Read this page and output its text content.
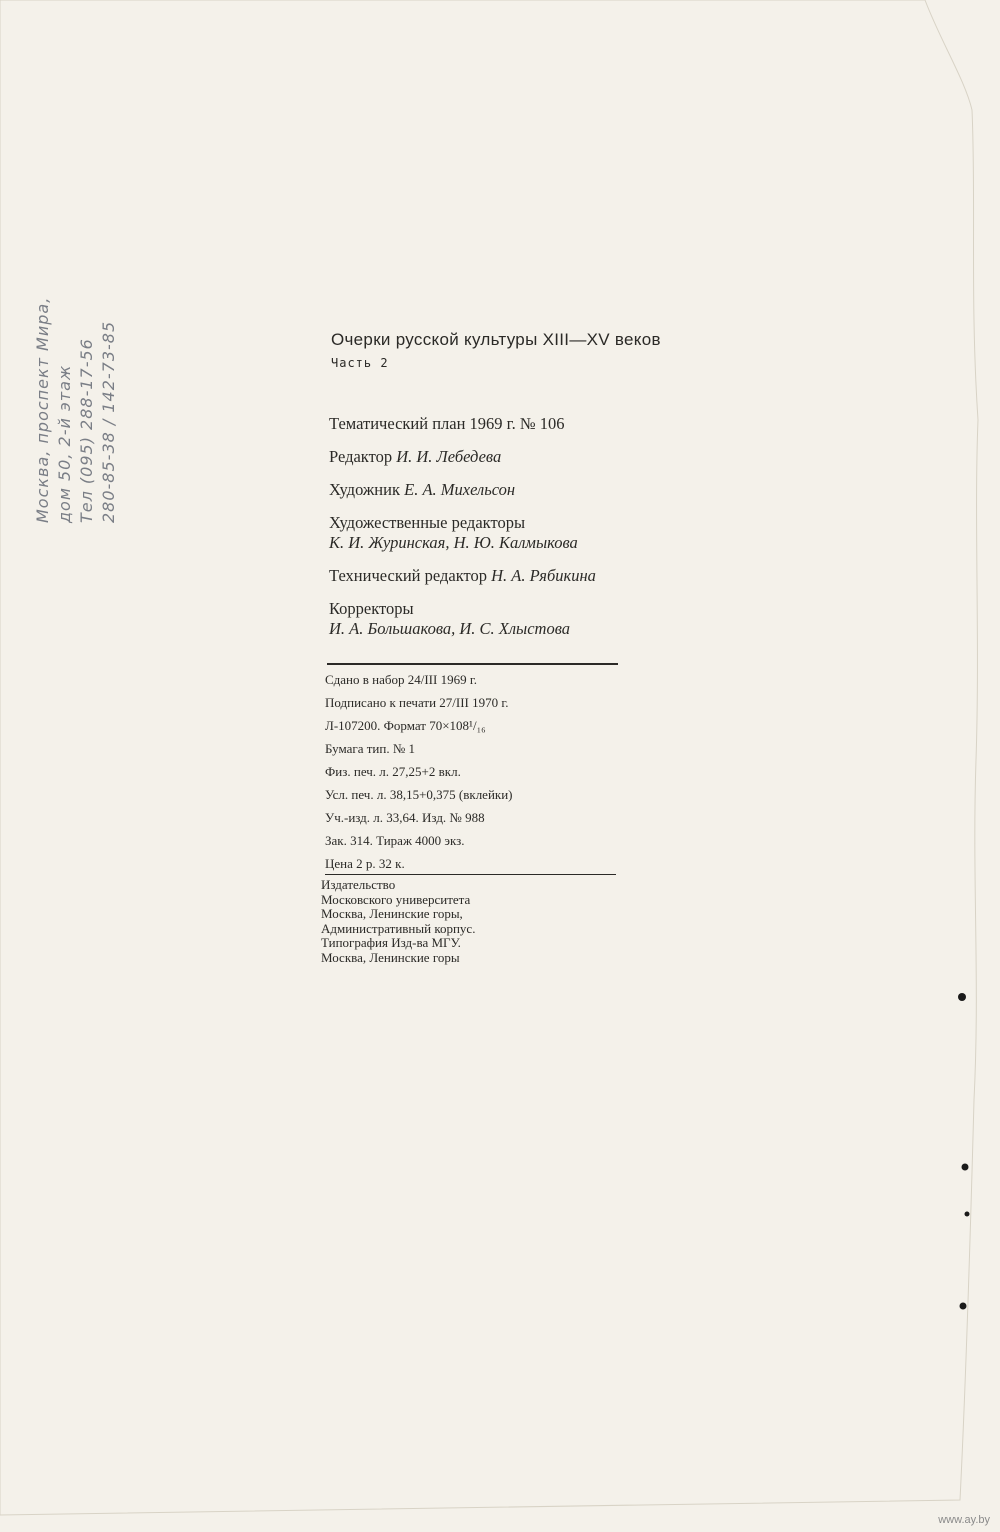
Москва, проспект Мира, дом 50, 2-й этаж Тел (095) 288-17-56 280-85-38 / 142-73-85	Очерки русской культуры XIII—XV веков
Часть 2
Тематический план 1969 г. № 106
Редактор И. И. Лебедева
Художник Е. А. Михельсон
Художественные редакторы
К. И. Журинская, Н. Ю. Калмыкова
Технический редактор Н. А. Рябикина
Корректоры
И. А. Большакова, И. С. Хлыстова
Сдано в набор 24/III 1969 г.
Подписано к печати 27/III 1970 г.
Л-107200. Формат 70×108¹/₁₆
Бумага тип. № 1
Физ. печ. л. 27,25+2 вкл.
Усл. печ. л. 38,15+0,375 (вклейки)
Уч.-изд. л. 33,64. Изд. № 988
Зак. 314. Тираж 4000 экз.
Цена 2 р. 32 к.
Издательство
Московского университета
Москва, Ленинские горы,
Административный корпус.
Типография Изд-ва МГУ.
Москва, Ленинские горы
www.ay.by
